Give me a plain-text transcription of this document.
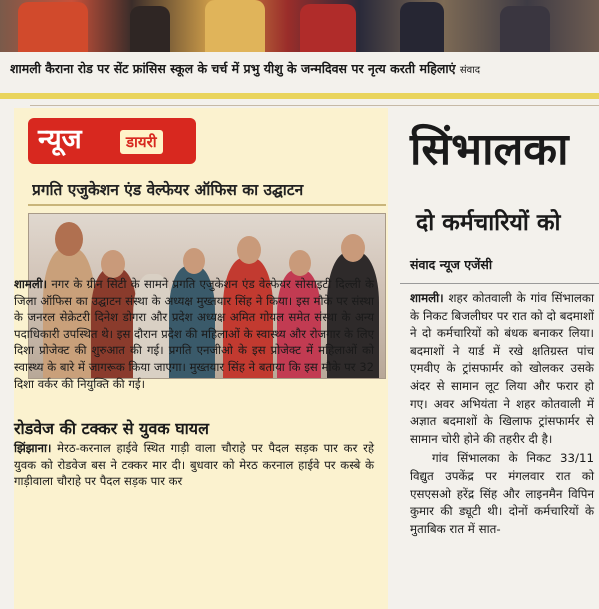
शामली कैराना रोड पर सेंट फ्रांसिस स्कूल के चर्च में प्रभु यीशु के जन्मदिवस पर नृत्य करती महिलाएं संवाद
न्यूज	डायरी
प्रगति एजुकेशन एंड वेल्फेयर ऑफिस का उद्घाटन
शामली। नगर के ग्रीन सिटी के सामने प्रगति एजुकेशन एंड वेल्फेयर सोसाइटी दिल्ली के जिला ऑफिस का उद्घाटन संस्था के अध्यक्ष मुख्तयार सिंह ने किया। इस मौके पर संस्था के जनरल सेक्रेटरी दिनेश डोगरा और प्रदेश अध्यक्ष अमित गोयल समेत संस्था के अन्य पदाधिकारी उपस्थित थे। इस दौरान प्रदेश की महिलाओं के स्वास्थ्य और रोजगार के लिए दिशा प्रोजेक्ट की शुरुआत की गई। प्रगति एनजीओ के इस प्रोजेक्ट में महिलाओं को स्वास्थ्य के बारे में जागरूक किया जाएगा। मुख्तयार सिंह ने बताया कि इस मौके पर 32 दिशा वर्कर की नियुक्ति की गई।
रोडवेज की टक्कर से युवक घायल
झिंझाना। मेरठ-करनाल हाईवे स्थित गाड़ी वाला चौराहे पर पैदल सड़क पार कर रहे युवक को रोडवेज बस ने टक्कर मार दी। बुधवार को मेरठ करनाल हाईवे पर कस्बे के गाड़ीवाला चौराहे पर पैदल सड़क पार कर
सिंभालका
दो कर्मचारियों को
संवाद न्यूज एजेंसी

शामली। शहर कोतवाली के गांव सिंभालका के निकट बिजलीघर पर रात को दो बदमाशों ने दो कर्मचारियों को बंधक बनाकर लिया। बदमाशों ने यार्ड में रखे क्षतिग्रस्त पांच एमवीए के ट्रांसफार्मर को खोलकर उसके अंदर से सामान लूट लिया और फरार हो गए। अवर अभियंता ने शहर कोतवाली में अज्ञात बदमाशों के खिलाफ ट्रांसफार्मर से सामान चोरी होने की तहरीर दी है।

गांव सिंभालका के निकट 33/11 विद्युत उपकेंद्र पर मंगलवार रात को एसएसओ हरेंद्र सिंह और लाइनमैन विपिन कुमार की ड्यूटी थी। दोनों कर्मचारियों के मुताबिक रात में सात-
